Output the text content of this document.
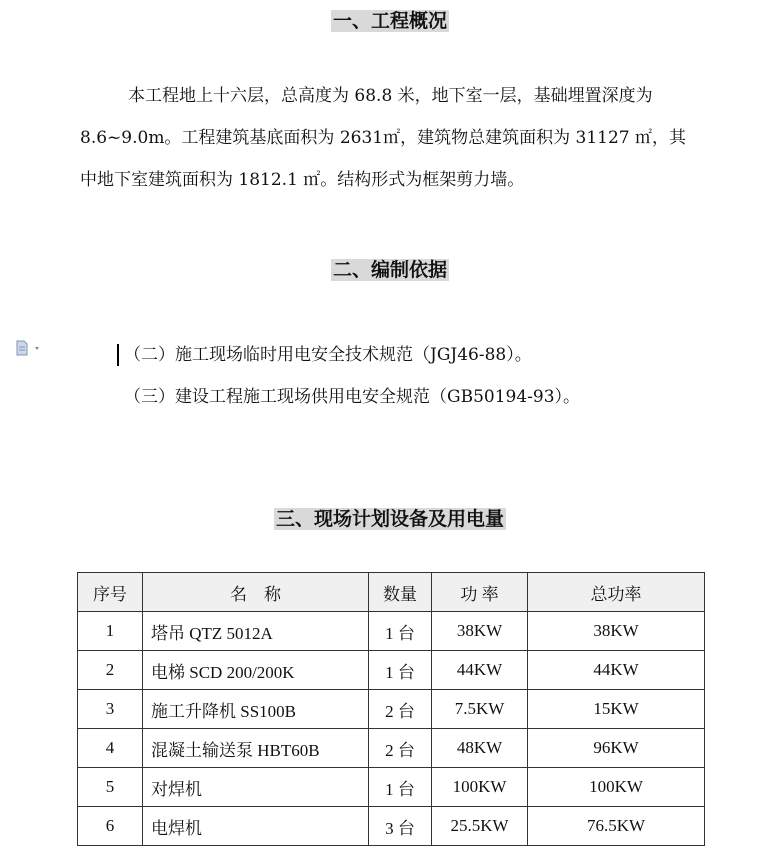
一、工程概况
本工程地上十六层，总高度为 68.8 米，地下室一层，基础埋置深度为
8.6~9.0m。工程建筑基底面积为 2631㎡，建筑物总建筑面积为 31127 ㎡，其
中地下室建筑面积为 1812.1 ㎡。结构形式为框架剪力墙。
二、编制依据
（二）施工现场临时用电安全技术规范（JGJ46-88）。
（三）建设工程施工现场供用电安全规范（GB50194-93）。
三、现场计划设备及用电量
序号	名　称	数量	功 率	总功率
1	塔吊 QTZ 5012A	1 台	38KW	38KW
2	电梯 SCD 200/200K	1 台	44KW	44KW
3	施工升降机 SS100B	2 台	7.5KW	15KW
4	混凝土输送泵 HBT60B	2 台	48KW	96KW
5	对焊机	1 台	100KW	100KW
6	电焊机	3 台	25.5KW	76.5KW
